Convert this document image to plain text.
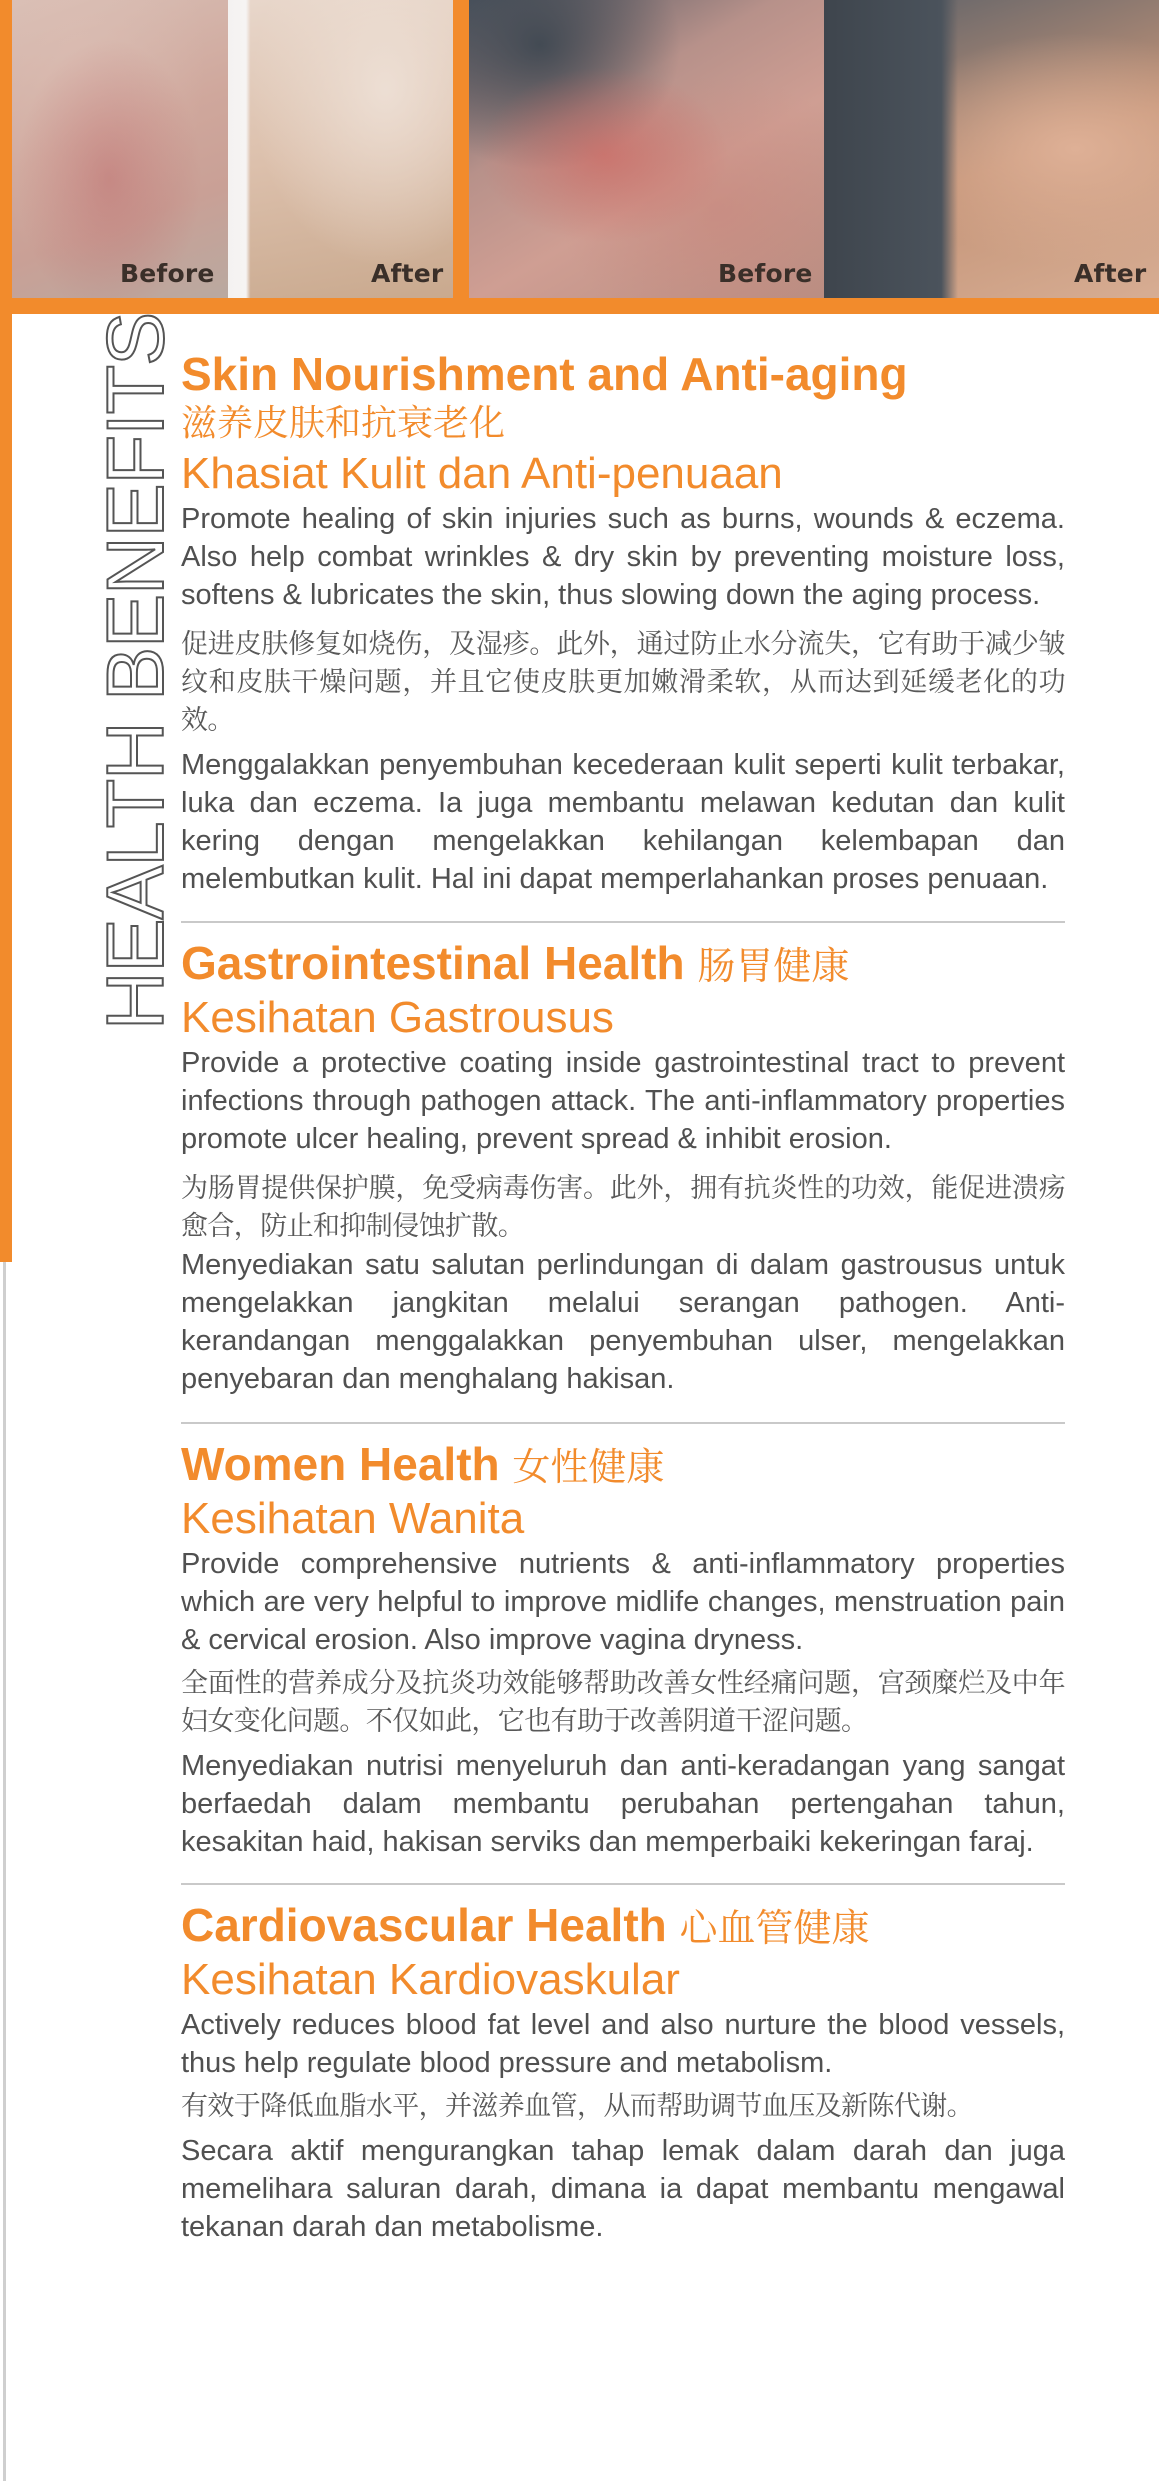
Before	After	Before	After
HEALTH BENEFITS Skin Nourishment and Anti-aging
滋养皮肤和抗衰老化
Khasiat Kulit dan Anti-penuaan

Promote healing of skin injuries such as burns, wounds & eczema. Also help combat wrinkles & dry skin by preventing moisture loss, softens & lubricates the skin, thus slowing down the aging process.

促进皮肤修复如烧伤，及湿疹。此外，通过防止水分流失，它有助于减少皱纹和皮肤干燥问题，并且它使皮肤更加嫩滑柔软，从而达到延缓老化的功效。

Menggalakkan penyembuhan kecederaan kulit seperti kulit terbakar, luka dan eczema. Ia juga membantu melawan kedutan dan kulit kering dengan mengelakkan kehilangan kelembapan dan melembutkan kulit. Hal ini dapat memperlahankan proses penuaan.

Gastrointestinal Health 肠胃健康
Kesihatan Gastrousus

Provide a protective coating inside gastrointestinal tract to prevent infections through pathogen attack. The anti-inflammatory properties promote ulcer healing, prevent spread & inhibit erosion.

为肠胃提供保护膜，免受病毒伤害。此外，拥有抗炎性的功效，能促进溃疡愈合，防止和抑制侵蚀扩散。

Menyediakan satu salutan perlindungan di dalam gastrousus untuk mengelakkan jangkitan melalui serangan pathogen. Anti-kerandangan menggalakkan penyembuhan ulser, mengelakkan penyebaran dan menghalang hakisan.

Women Health 女性健康
Kesihatan Wanita

Provide comprehensive nutrients & anti-inflammatory properties which are very helpful to improve midlife changes, menstruation pain & cervical erosion. Also improve vagina dryness.

全面性的营养成分及抗炎功效能够帮助改善女性经痛问题，宫颈糜烂及中年妇女变化问题。不仅如此，它也有助于改善阴道干涩问题。

Menyediakan nutrisi menyeluruh dan anti-keradangan yang sangat berfaedah dalam membantu perubahan pertengahan tahun, kesakitan haid, hakisan serviks dan memperbaiki kekeringan faraj.

Cardiovascular Health 心血管健康
Kesihatan Kardiovaskular

Actively reduces blood fat level and also nurture the blood vessels, thus help regulate blood pressure and metabolism.

有效于降低血脂水平，并滋养血管，从而帮助调节血压及新陈代谢。

Secara aktif mengurangkan tahap lemak dalam darah dan juga memelihara saluran darah, dimana ia dapat membantu mengawal tekanan darah dan metabolisme.
